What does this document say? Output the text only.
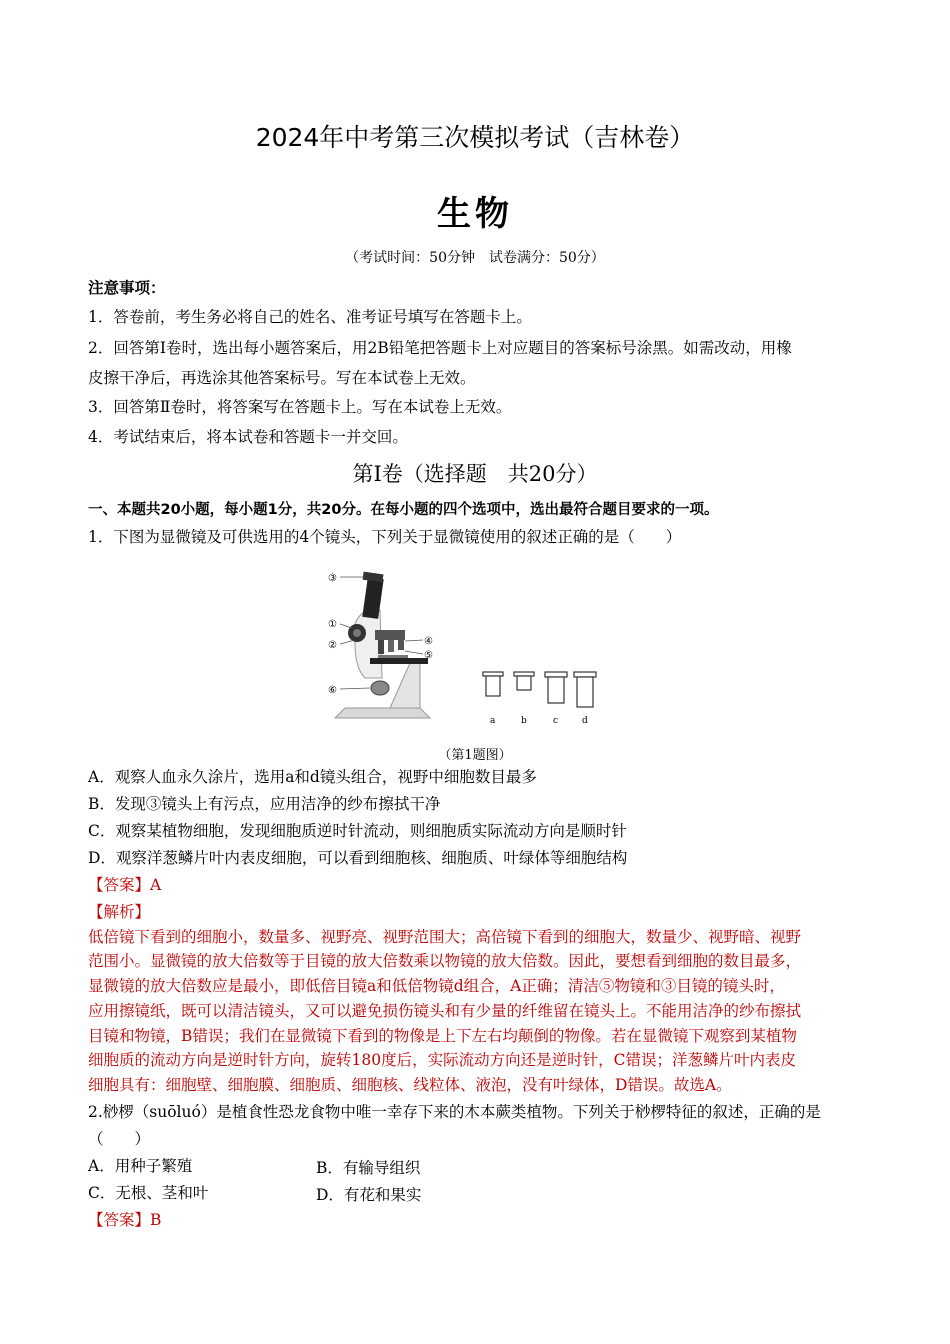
2024年中考第三次模拟考试（吉林卷）
生物
（考试时间：50分钟　试卷满分：50分）
注意事项：
1．答卷前，考生务必将自己的姓名、准考证号填写在答题卡上。
2．回答第Ⅰ卷时，选出每小题答案后，用2B铅笔把答题卡上对应题目的答案标号涂黑。如需改动，用橡
皮擦干净后，再选涂其他答案标号。写在本试卷上无效。
3．回答第Ⅱ卷时，将答案写在答题卡上。写在本试卷上无效。
4．考试结束后，将本试卷和答题卡一并交回。
第Ⅰ卷（选择题　共20分）
一、本题共20小题，每小题1分，共20分。在每小题的四个选项中，选出最符合题目要求的一项。
1．下图为显微镜及可供选用的4个镜头，下列关于显微镜使用的叙述正确的是（　　）
③
①
②	④
⑤
⑥
a	b	c	d
（第1题图）
A．观察人血永久涂片，选用a和d镜头组合，视野中细胞数目最多
B．发现③镜头上有污点，应用洁净的纱布擦拭干净
C．观察某植物细胞，发现细胞质逆时针流动，则细胞质实际流动方向是顺时针
D．观察洋葱鳞片叶内表皮细胞，可以看到细胞核、细胞质、叶绿体等细胞结构
【答案】A
【解析】
低倍镜下看到的细胞小，数量多、视野亮、视野范围大；高倍镜下看到的细胞大，数量少、视野暗、视野
范围小。显微镜的放大倍数等于目镜的放大倍数乘以物镜的放大倍数。因此，要想看到细胞的数目最多，
显微镜的放大倍数应是最小，即低倍目镜a和低倍物镜d组合，A正确；清洁⑤物镜和③目镜的镜头时，
应用擦镜纸，既可以清洁镜头，又可以避免损伤镜头和有少量的纤维留在镜头上。不能用洁净的纱布擦拭
目镜和物镜，B错误；我们在显微镜下看到的物像是上下左右均颠倒的物像。若在显微镜下观察到某植物
细胞质的流动方向是逆时针方向，旋转180度后，实际流动方向还是逆时针，C错误；洋葱鳞片叶内表皮
细胞具有：细胞壁、细胞膜、细胞质、细胞核、线粒体、液泡，没有叶绿体，D错误。故选A。
2.桫椤（suōluó）是植食性恐龙食物中唯一幸存下来的木本蕨类植物。下列关于桫椤特征的叙述，正确的是
（　　）
A．用种子繁殖	B．有输导组织
C．无根、茎和叶	D．有花和果实
【答案】B
